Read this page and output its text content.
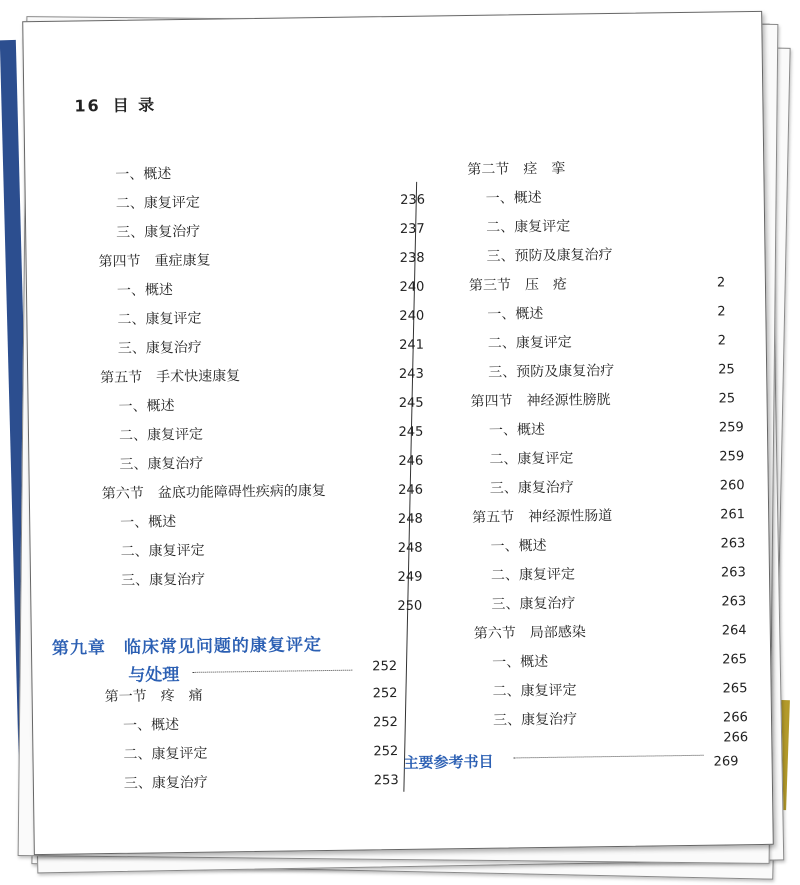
16 目 录
一、概述
二、康复评定	236
三、康复治疗	237
第四节　重症康复	238
一、概述	240
二、康复评定	240
三、康复治疗	241
第五节　手术快速康复	243
一、概述	245
二、康复评定	245
三、康复治疗	246
第六节　盆底功能障碍性疾病的康复	246
一、概述	248
二、康复评定	248
三、康复治疗	249
250
第九章　临床常见问题的康复评定
与处理	252
第一节　疼　痛	252
一、概述	252
二、康复评定	252
三、康复治疗	253
第二节　痉　挛
一、概述
二、康复评定
三、预防及康复治疗
第三节　压　疮	2
一、概述	2
二、康复评定	2
三、预防及康复治疗	25
第四节　神经源性膀胱	25
一、概述	259
二、康复评定	259
三、康复治疗	260
第五节　神经源性肠道	261
一、概述	263
二、康复评定	263
三、康复治疗	263
第六节　局部感染	264
一、概述	265
二、康复评定	265
三、康复治疗	266
266
主要参考书目	269
